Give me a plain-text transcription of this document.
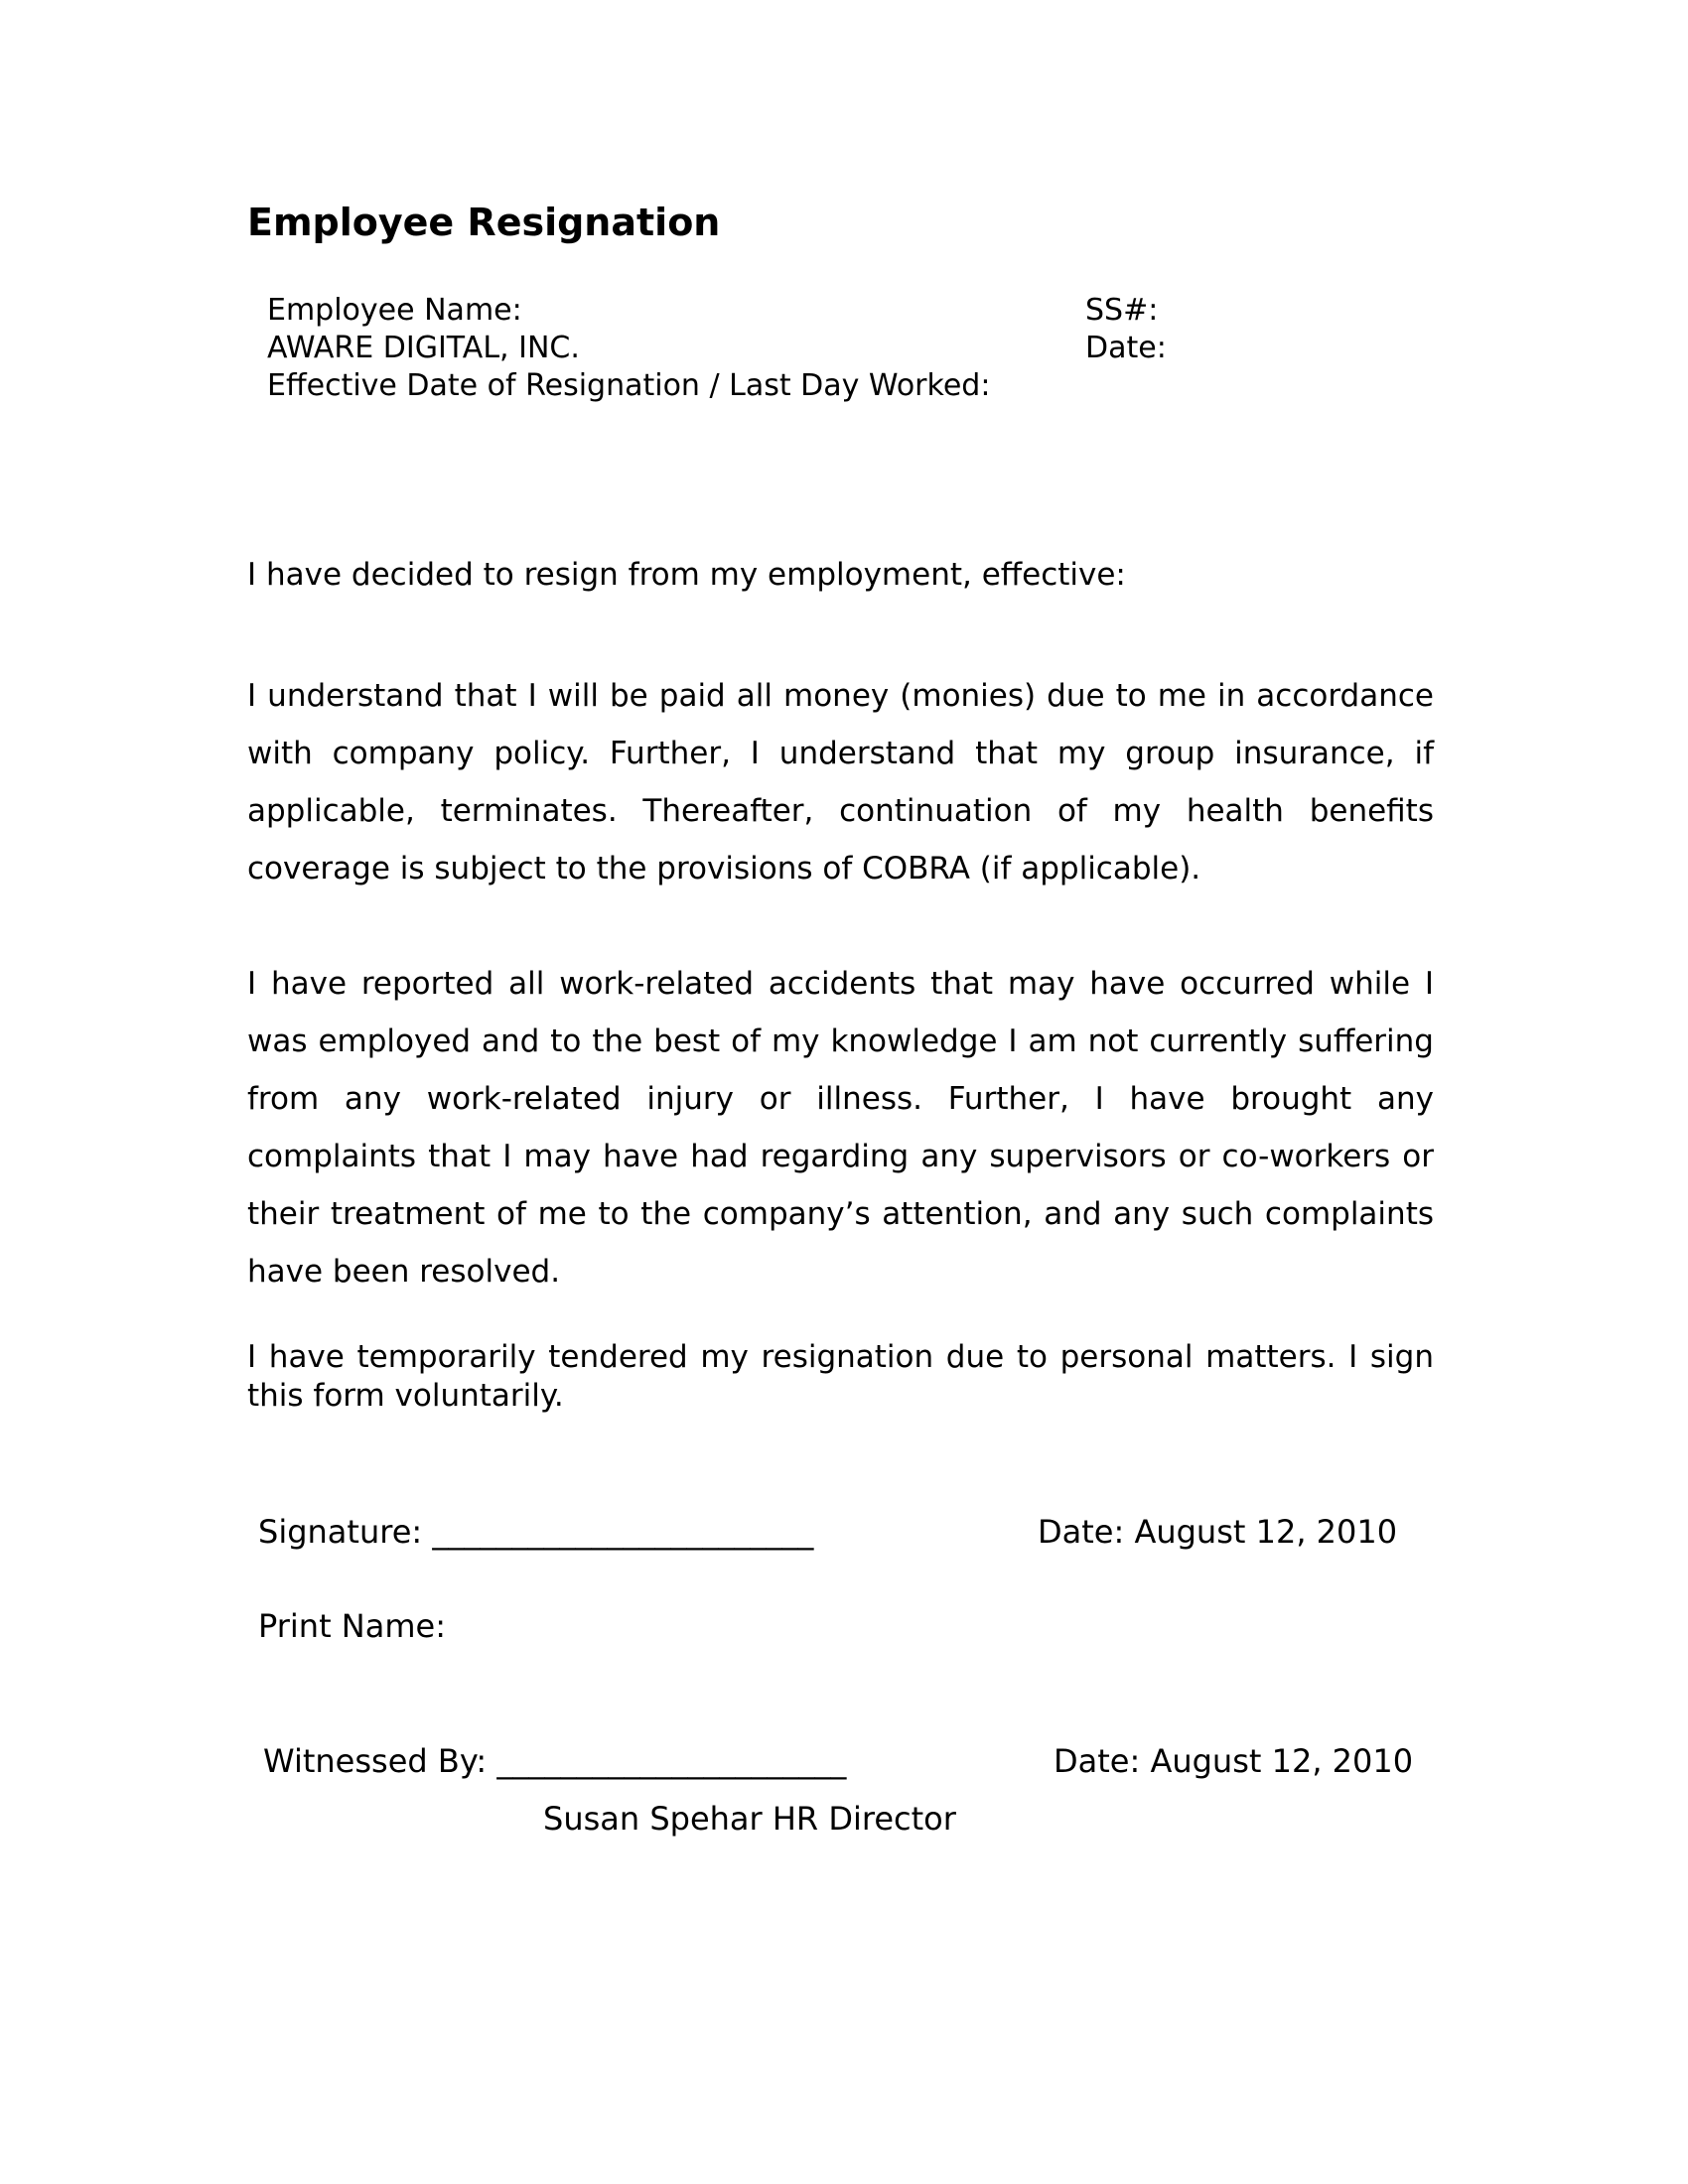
Employee Resignation
Employee Name:
AWARE DIGITAL, INC.
Effective Date of Resignation / Last Day Worked:
SS#:
Date:

I have decided to resign from my employment, effective:

I understand that I will be paid all money (monies) due to me in accordance with company policy. Further, I understand that my group insurance, if applicable, terminates. Thereafter, continuation of my health benefits coverage is subject to the provisions of COBRA (if applicable).

I have reported all work-related accidents that may have occurred while I was employed and to the best of my knowledge I am not currently suffering from any work-related injury or illness. Further, I have brought any complaints that I may have had regarding any supervisors or co-workers or their treatment of me to the company’s attention, and any such complaints have been resolved.

I have temporarily tendered my resignation due to personal matters. I sign this form voluntarily.

Signature: ________________________	Date: August 12, 2010
Print Name:
Witnessed By: ______________________	Date: August 12, 2010
Susan Spehar HR Director
